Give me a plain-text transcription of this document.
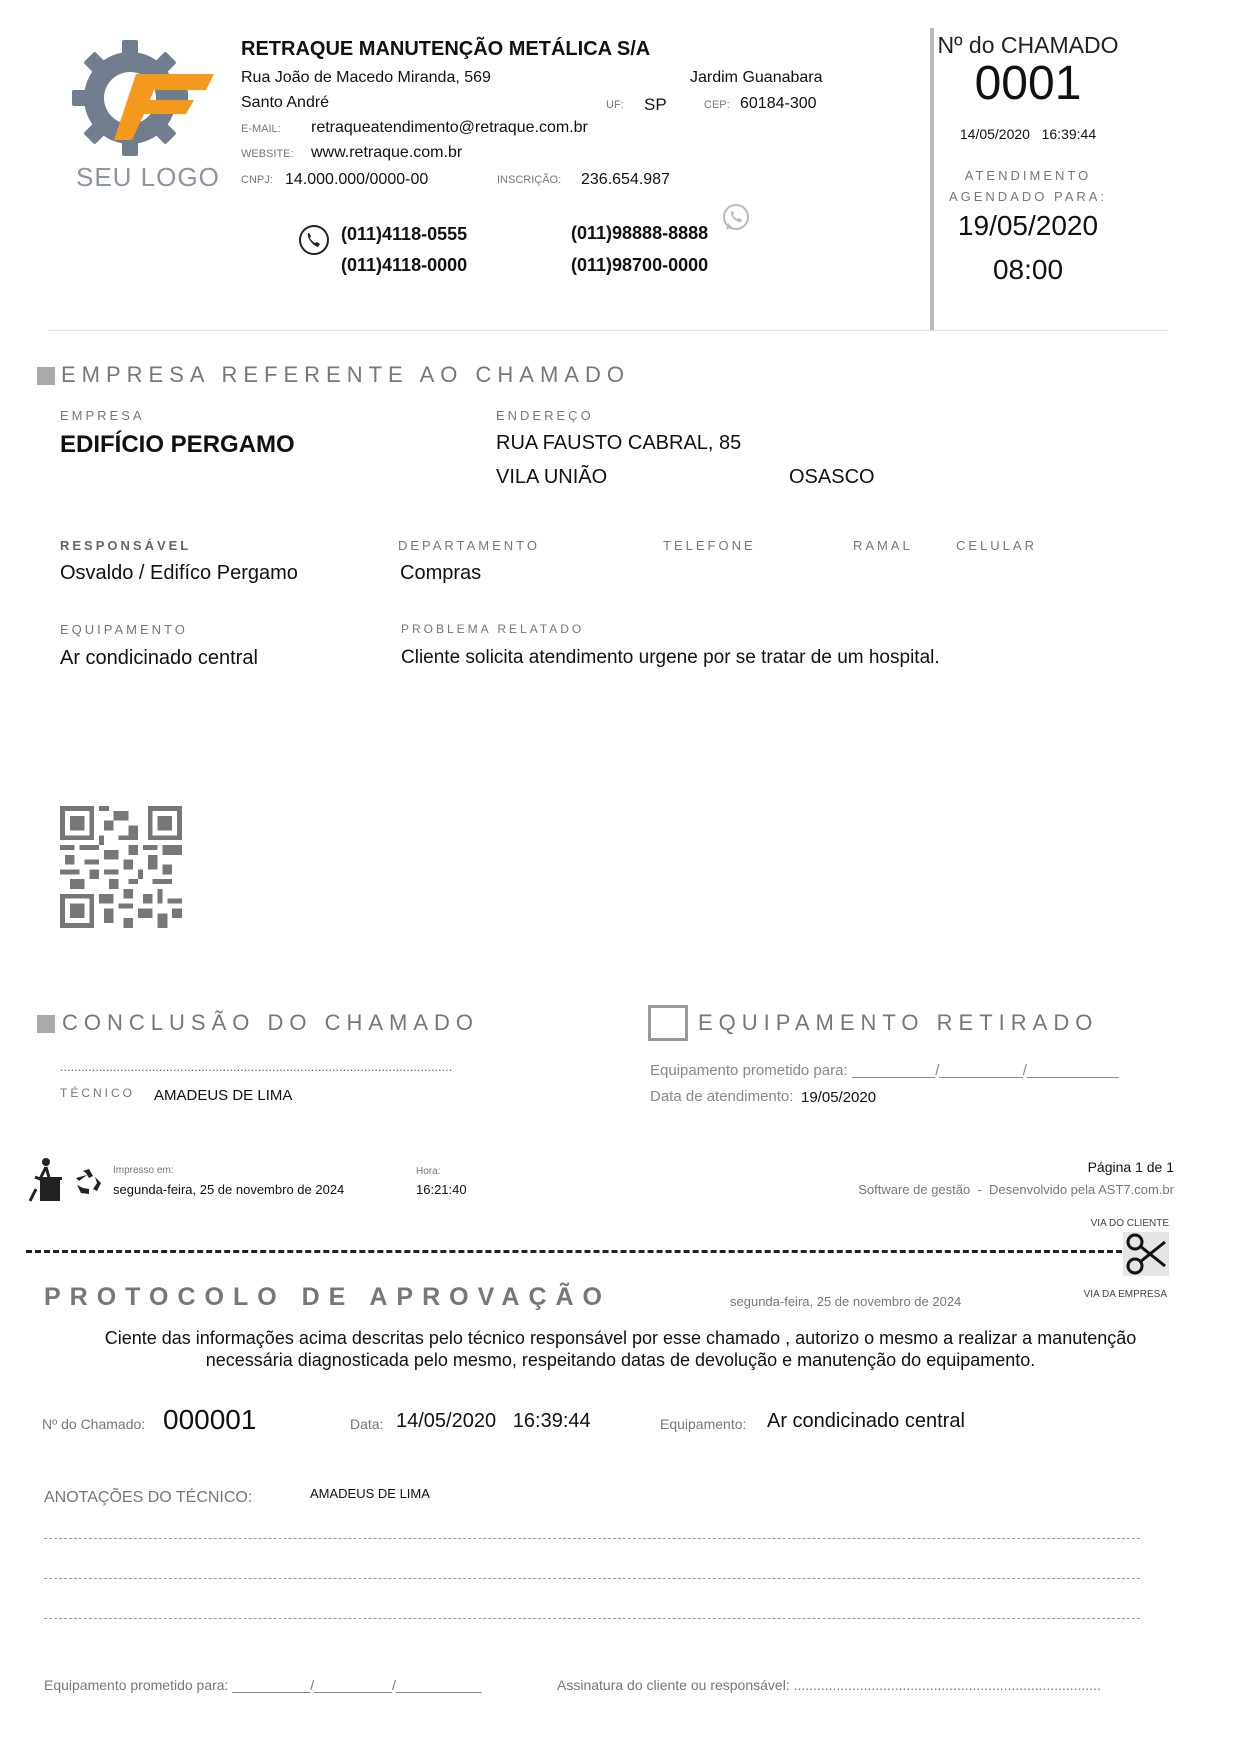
SEU LOGO
RETRAQUE MANUTENÇÃO METÁLICA S/A
Rua João de Macedo Miranda, 569	Jardim Guanabara
Santo André	UF: SP	CEP: 60184-300
E-MAIL: retraqueatendimento@retraque.com.br
WEBSITE: www.retraque.com.br
CNPJ: 14.000.000/0000-00	INSCRIÇÃO: 236.654.987
(011)4118-0555
(011)4118-0000
(011)98888-8888
(011)98700-0000
Nº do CHAMADO
0001
14/05/2020   16:39:44
ATENDIMENTO
AGENDADO PARA:
19/05/2020
08:00
EMPRESA REFERENTE AO CHAMADO
EMPRESA
EDIFÍCIO PERGAMO
ENDEREÇO
RUA FAUSTO CABRAL, 85
VILA UNIÃO	OSASCO
RESPONSÁVEL
Osvaldo / Edifíco Pergamo
DEPARTAMENTO
Compras
TELEFONE	RAMAL	CELULAR
EQUIPAMENTO
Ar condicinado central
PROBLEMA RELATADO
Cliente solicita atendimento urgene por se tratar de um hospital.
CONCLUSÃO DO CHAMADO
...............................................................................................................
TÉCNICO AMADEUS DE LIMA
EQUIPAMENTO RETIRADO
Equipamento prometido para: __________/__________/___________
Data de atendimento: 19/05/2020
Impresso em:
segunda-feira, 25 de novembro de 2024
Hora:
16:21:40
Página 1 de 1
Software de gestão  -  Desenvolvido pela AST7.com.br
VIA DO CLIENTE
VIA DA EMPRESA
PROTOCOLO DE APROVAÇÃO	segunda-feira, 25 de novembro de 2024
Ciente das informações acima descritas pelo técnico responsável por esse chamado , autorizo o mesmo a realizar a manutenção
necessária diagnosticada pelo mesmo, respeitando datas de devolução e manutenção do equipamento.
Nº do Chamado: 000001	Data: 14/05/2020   16:39:44	Equipamento: Ar condicinado central
ANOTAÇÕES DO TÉCNICO:	AMADEUS DE LIMA
Equipamento prometido para: __________/__________/___________	Assinatura do cliente ou responsável: ...............................................................................
